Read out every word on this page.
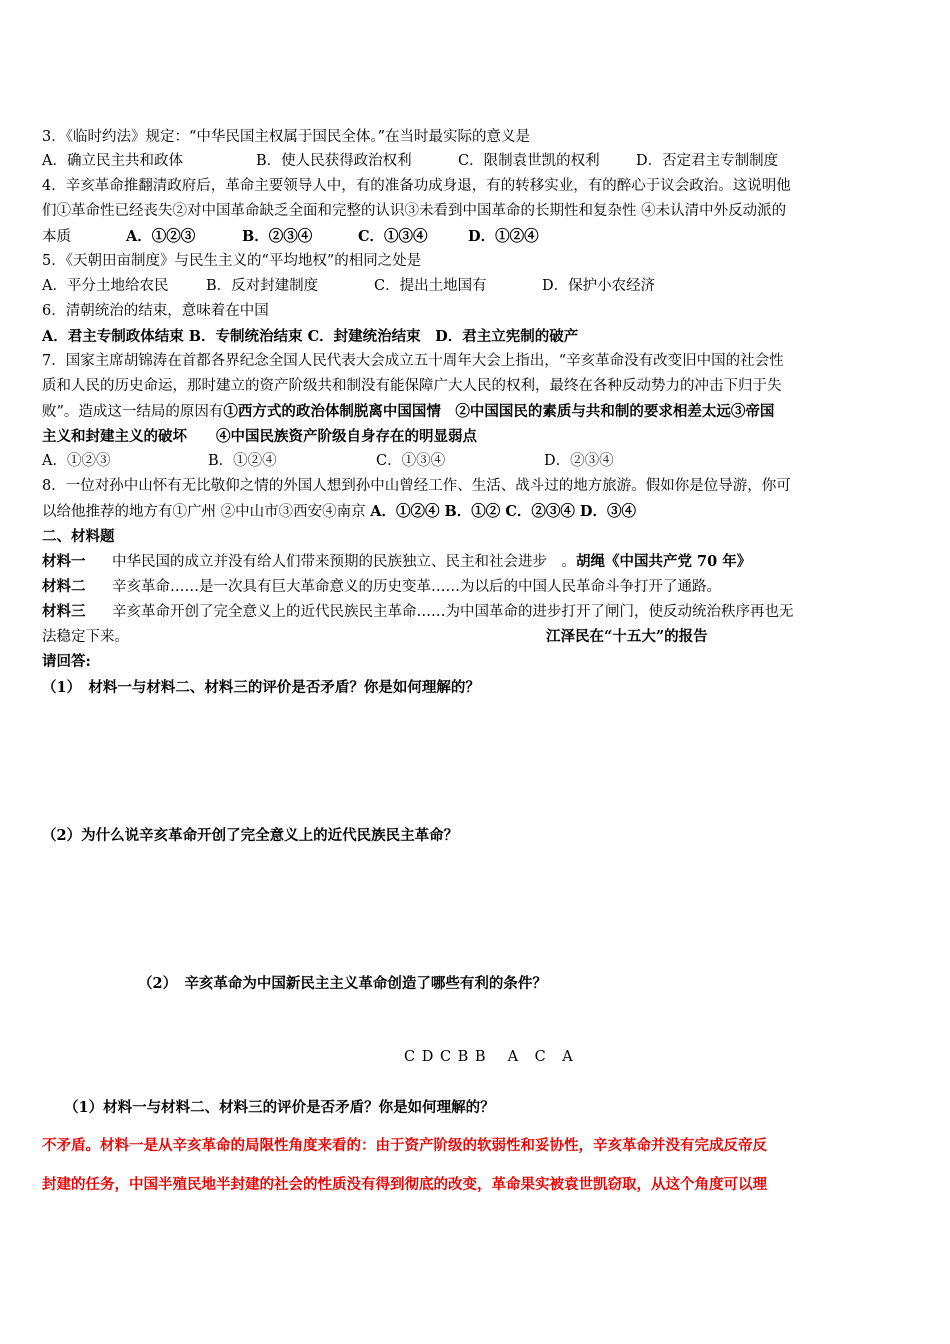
3．《临时约法》规定：“中华民国主权属于国民全体。”在当时最实际的意义是
A．确立民主共和政体	B．使人民获得政治权利	C．限制袁世凯的权利	D．否定君主专制制度
4．辛亥革命推翻清政府后，革命主要领导人中，有的准备功成身退，有的转移实业，有的醉心于议会政治。这说明他
们①革命性已经丧失②对中国革命缺乏全面和完整的认识③未看到中国革命的长期性和复杂性 ④未认清中外反动派的
本质	A．①②③	B．②③④	C．①③④	D．①②④
5．《天朝田亩制度》与民生主义的“平均地权”的相同之处是
A．平分土地给农民	B．反对封建制度	C．提出土地国有	D．保护小农经济
6．清朝统治的结束，意味着在中国
A．君主专制政体结束 B．专制统治结束 C．封建统治结束　D．君主立宪制的破产
7．国家主席胡锦涛在首都各界纪念全国人民代表大会成立五十周年大会上指出，“辛亥革命没有改变旧中国的社会性
质和人民的历史命运，那时建立的资产阶级共和制没有能保障广大人民的权利，最终在各种反动势力的冲击下归于失
败”。造成这一结局的原因有①西方式的政治体制脱离中国国情　②中国国民的素质与共和制的要求相差太远③帝国
主义和封建主义的破坏　　④中国民族资产阶级自身存在的明显弱点
A．①②③	B．①②④	C．①③④	D．②③④
8．一位对孙中山怀有无比敬仰之情的外国人想到孙中山曾经工作、生活、战斗过的地方旅游。假如你是位导游，你可
以给他推荐的地方有①广州 ②中山市③西安④南京 A．①②④ B．①② C．②③④ D．③④
二、材料题
材料一 中华民国的成立并没有给人们带来预期的民族独立、民主和社会进步　。胡绳《中国共产党 70 年》
材料二 辛亥革命……是一次具有巨大革命意义的历史变革……为以后的中国人民革命斗争打开了通路。
材料三 辛亥革命开创了完全意义上的近代民族民主革命……为中国革命的进步打开了闸门，使反动统治秩序再也无
法稳定下来。	江泽民在“十五大”的报告
请回答:
（1）　材料一与材料二、材料三的评价是否矛盾？你是如何理解的？
（2）为什么说辛亥革命开创了完全意义上的近代民族民主革命？
（2）　辛亥革命为中国新民主主义革命创造了哪些有利的条件？
C D C B B　 A　C　A
（1）材料一与材料二、材料三的评价是否矛盾？你是如何理解的？
不矛盾。材料一是从辛亥革命的局限性角度来看的：由于资产阶级的软弱性和妥协性，辛亥革命并没有完成反帝反
封建的任务，中国半殖民地半封建的社会的性质没有得到彻底的改变，革命果实被袁世凯窃取，从这个角度可以理
